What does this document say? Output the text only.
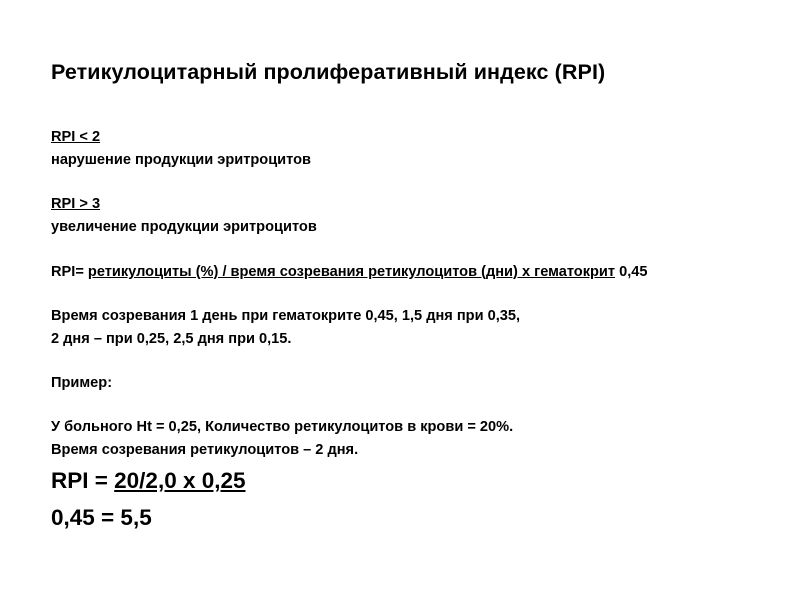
Ретикулоцитарный пролиферативный индекс (RPI)
RPI < 2
нарушение продукции эритроцитов
RPI > 3
увеличение продукции эритроцитов
RPI= ретикулоциты (%) / время созревания ретикулоцитов (дни) х гематокрит 0,45
Время созревания 1 день при гематокрите 0,45, 1,5 дня при 0,35,
2 дня – при 0,25, 2,5 дня при 0,15.
Пример:
У больного Ht = 0,25, Количество ретикулоцитов в крови = 20%.
Время созревания ретикулоцитов – 2 дня.
RPI = 20/2,0 х 0,25
0,45 = 5,5
